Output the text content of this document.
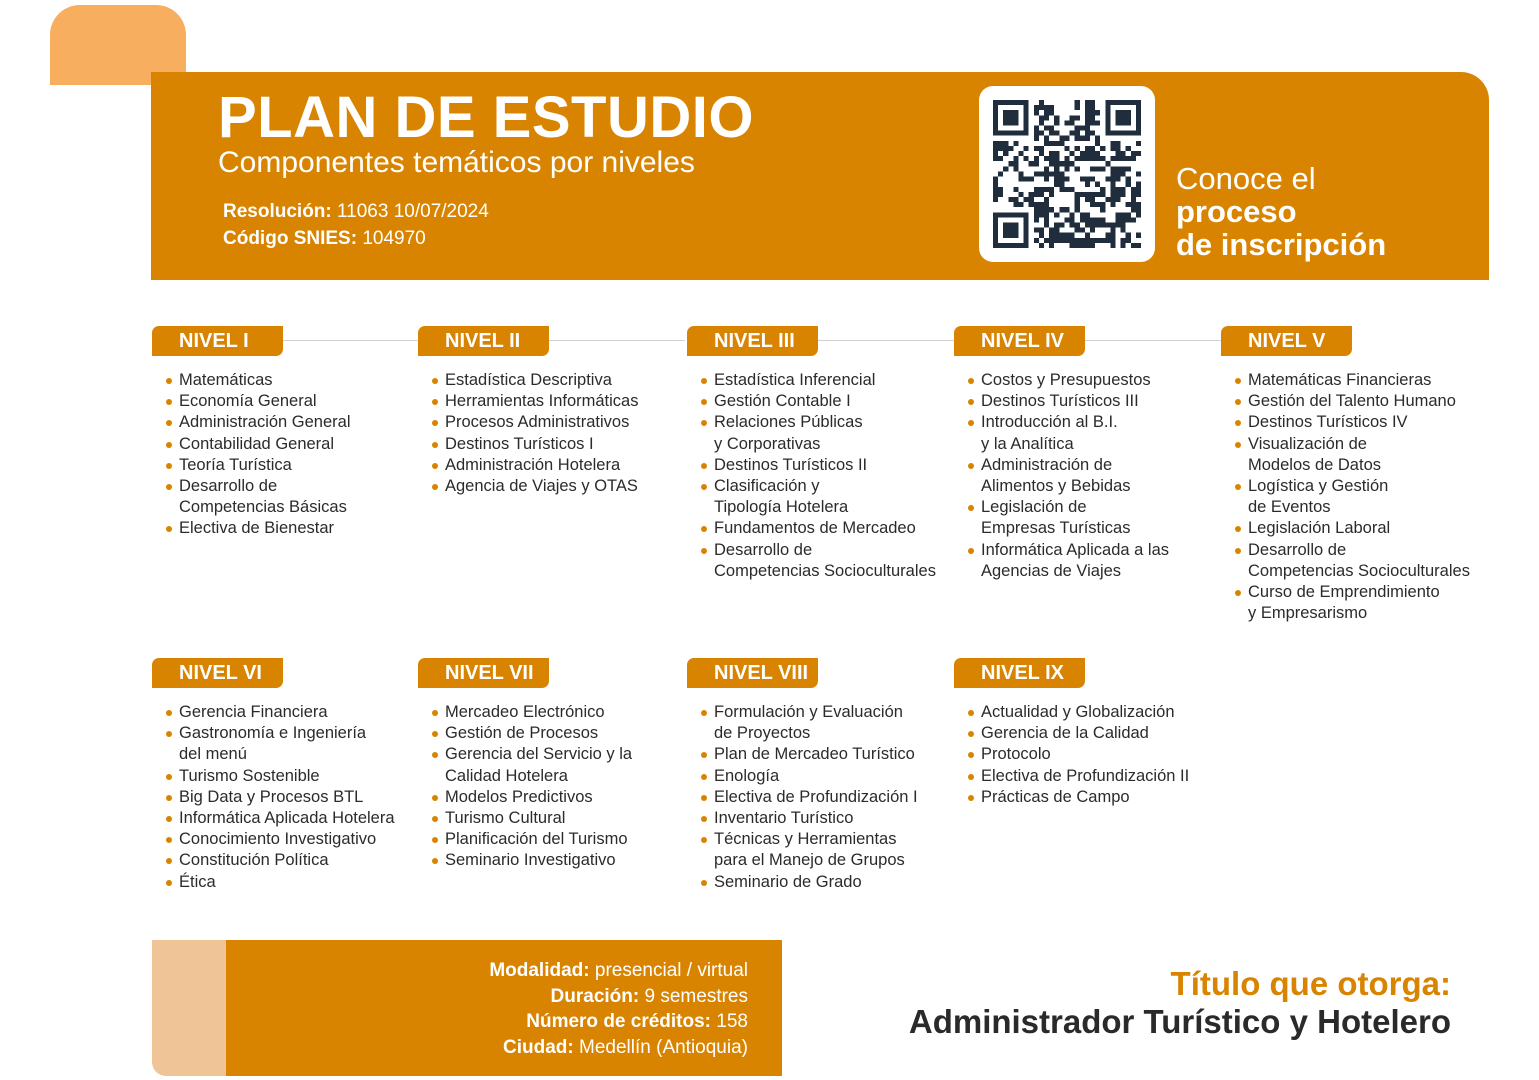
PLAN DE ESTUDIO
Componentes temáticos por niveles
Resolución: 11063 10/07/2024
Código SNIES: 104970
Conoce el
proceso
de inscripción
NIVEL I
Matemáticas
Economía General
Administración General
Contabilidad General
Teoría Turística
Desarrollo de
Competencias Básicas
Electiva de Bienestar
NIVEL II
Estadística Descriptiva
Herramientas Informáticas
Procesos Administrativos
Destinos Turísticos I
Administración Hotelera
Agencia de Viajes y OTAS
NIVEL III
Estadística Inferencial
Gestión Contable I
Relaciones Públicas
y Corporativas
Destinos Turísticos II
Clasificación y
Tipología Hotelera
Fundamentos de Mercadeo
Desarrollo de
Competencias Socioculturales
NIVEL IV
Costos y Presupuestos
Destinos Turísticos III
Introducción al B.I.
y la Analítica
Administración de
Alimentos y Bebidas
Legislación de
Empresas Turísticas
Informática Aplicada a las
Agencias de Viajes
NIVEL V
Matemáticas Financieras
Gestión del Talento Humano
Destinos Turísticos IV
Visualización de
Modelos de Datos
Logística y Gestión
de Eventos
Legislación Laboral
Desarrollo de
Competencias Socioculturales
Curso de Emprendimiento
y Empresarismo
NIVEL VI
Gerencia Financiera
Gastronomía e Ingeniería
del menú
Turismo Sostenible
Big Data y Procesos BTL
Informática Aplicada Hotelera
Conocimiento Investigativo
Constitución Política
Ética
NIVEL VII
Mercadeo Electrónico
Gestión de Procesos
Gerencia del Servicio y la
Calidad Hotelera
Modelos Predictivos
Turismo Cultural
Planificación del Turismo
Seminario Investigativo
NIVEL VIII
Formulación y Evaluación
de Proyectos
Plan de Mercadeo Turístico
Enología
Electiva de Profundización I
Inventario Turístico
Técnicas y Herramientas
para el Manejo de Grupos
Seminario de Grado
NIVEL IX
Actualidad y Globalización
Gerencia de la Calidad
Protocolo
Electiva de Profundización II
Prácticas de Campo
Modalidad: presencial / virtual
Duración: 9 semestres
Número de créditos: 158
Ciudad: Medellín (Antioquia)
Título que otorga:
Administrador Turístico y Hotelero
